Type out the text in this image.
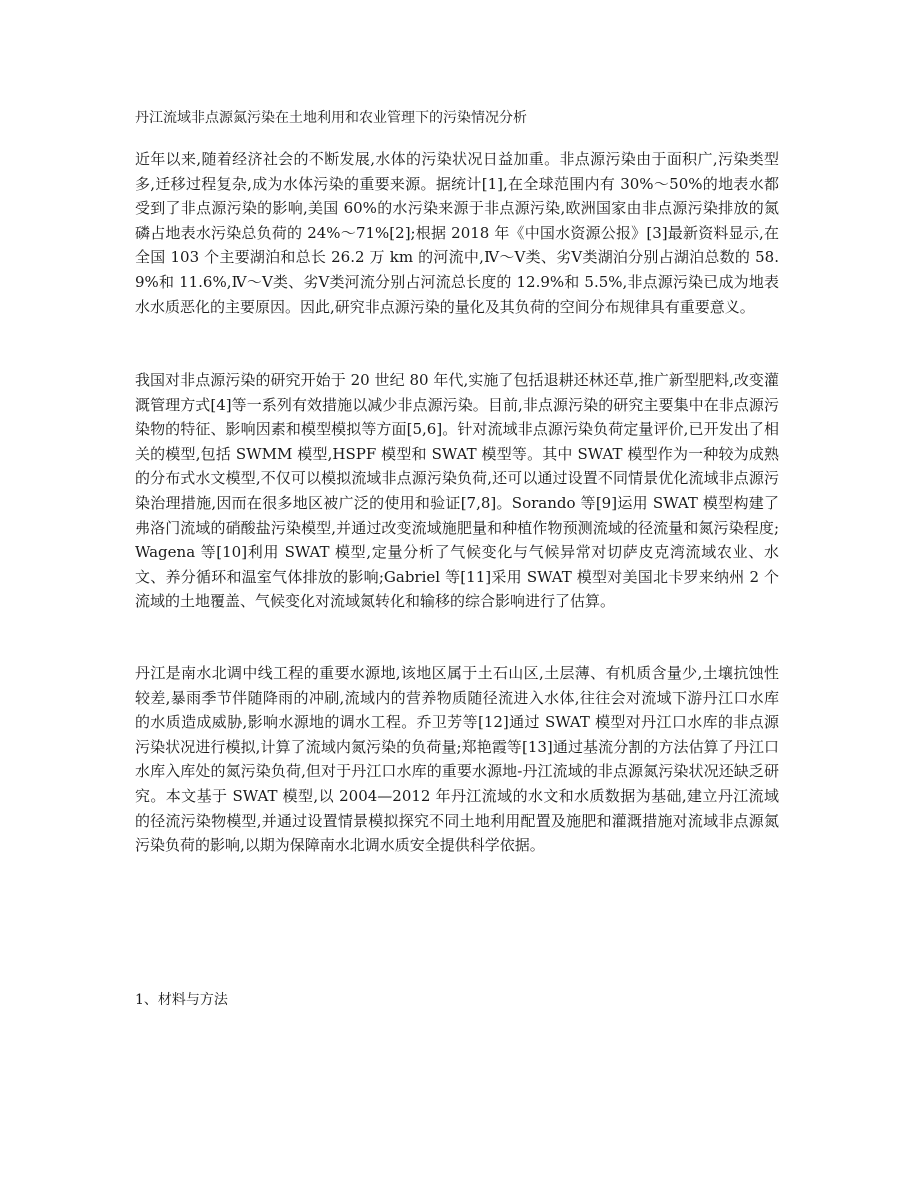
丹江流域非点源氮污染在土地利用和农业管理下的污染情况分析

近年以来,随着经济社会的不断发展,水体的污染状况日益加重。非点源污染由于面积广,污染类型多,迁移过程复杂,成为水体污染的重要来源。据统计[1],在全球范围内有 30%～50%的地表水都受到了非点源污染的影响,美国 60%的水污染来源于非点源污染,欧洲国家由非点源污染排放的氮磷占地表水污染总负荷的 24%～71%[2];根据 2018 年《中国水资源公报》[3]最新资料显示,在全国 103 个主要湖泊和总长 26.2 万 km 的河流中,Ⅳ～Ⅴ类、劣Ⅴ类湖泊分别占湖泊总数的 58.9%和 11.6%,Ⅳ～Ⅴ类、劣Ⅴ类河流分别占河流总长度的 12.9%和 5.5%,非点源污染已成为地表水水质恶化的主要原因。因此,研究非点源污染的量化及其负荷的空间分布规律具有重要意义。

我国对非点源污染的研究开始于 20 世纪 80 年代,实施了包括退耕还林还草,推广新型肥料,改变灌溉管理方式[4]等一系列有效措施以减少非点源污染。目前,非点源污染的研究主要集中在非点源污染物的特征、影响因素和模型模拟等方面[5,6]。针对流域非点源污染负荷定量评价,已开发出了相关的模型,包括 SWMM 模型,HSPF 模型和 SWAT 模型等。其中 SWAT 模型作为一种较为成熟的分布式水文模型,不仅可以模拟流域非点源污染负荷,还可以通过设置不同情景优化流域非点源污染治理措施,因而在很多地区被广泛的使用和验证[7,8]。Sorando 等[9]运用 SWAT 模型构建了弗洛门流域的硝酸盐污染模型,并通过改变流域施肥量和种植作物预测流域的径流量和氮污染程度;Wagena 等[10]利用 SWAT 模型,定量分析了气候变化与气候异常对切萨皮克湾流域农业、水文、养分循环和温室气体排放的影响;Gabriel 等[11]采用 SWAT 模型对美国北卡罗来纳州 2 个流域的土地覆盖、气候变化对流域氮转化和输移的综合影响进行了估算。

丹江是南水北调中线工程的重要水源地,该地区属于土石山区,土层薄、有机质含量少,土壤抗蚀性较差,暴雨季节伴随降雨的冲刷,流域内的营养物质随径流进入水体,往往会对流域下游丹江口水库的水质造成威胁,影响水源地的调水工程。乔卫芳等[12]通过 SWAT 模型对丹江口水库的非点源污染状况进行模拟,计算了流域内氮污染的负荷量;郑艳霞等[13]通过基流分割的方法估算了丹江口水库入库处的氮污染负荷,但对于丹江口水库的重要水源地-丹江流域的非点源氮污染状况还缺乏研究。本文基于 SWAT 模型,以 2004—2012 年丹江流域的水文和水质数据为基础,建立丹江流域的径流污染物模型,并通过设置情景模拟探究不同土地利用配置及施肥和灌溉措施对流域非点源氮污染负荷的影响,以期为保障南水北调水质安全提供科学依据。

1、材料与方法
